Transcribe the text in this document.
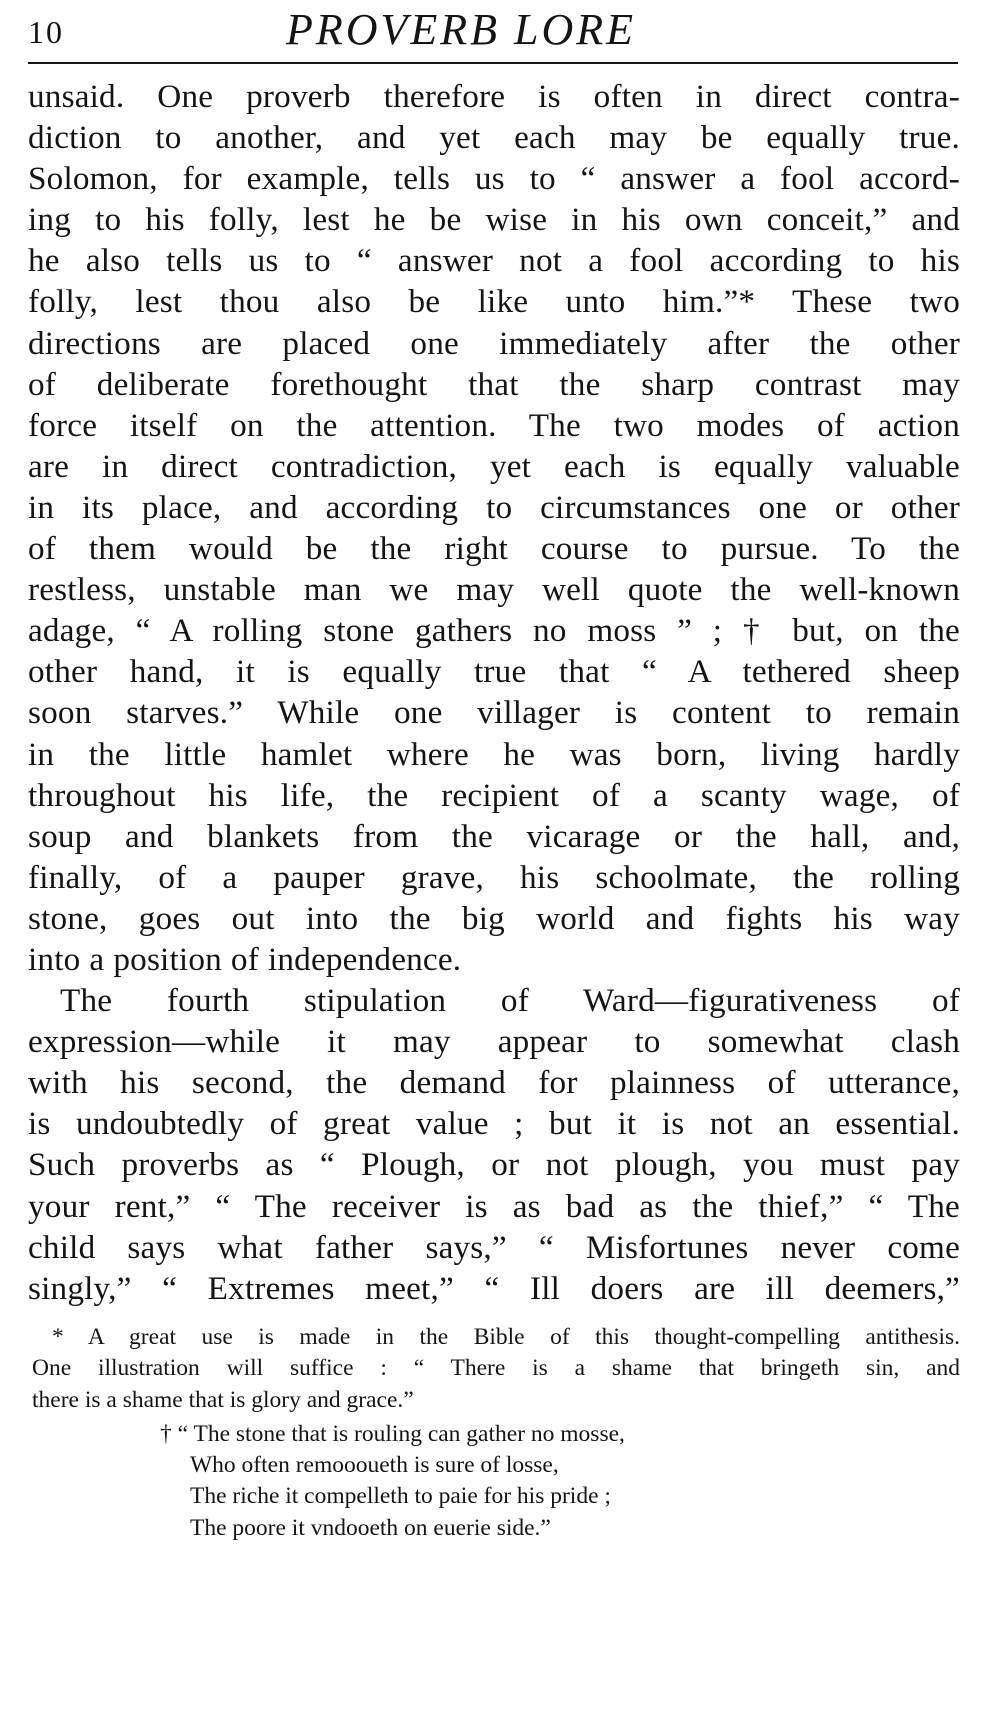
10	PROVERB LORE
unsaid. One proverb therefore is often in direct contra-
diction to another, and yet each may be equally true.
Solomon, for example, tells us to “ answer a fool accord-
ing to his folly, lest he be wise in his own conceit,” and
he also tells us to “ answer not a fool according to his
folly, lest thou also be like unto him.”* These two
directions are placed one immediately after the other
of deliberate forethought that the sharp contrast may
force itself on the attention. The two modes of action
are in direct contradiction, yet each is equally valuable
in its place, and according to circumstances one or other
of them would be the right course to pursue. To the
restless, unstable man we may well quote the well-known
adage, “ A rolling stone gathers no moss ” ; † but, on the
other hand, it is equally true that “ A tethered sheep
soon starves.” While one villager is content to remain
in the little hamlet where he was born, living hardly
throughout his life, the recipient of a scanty wage, of
soup and blankets from the vicarage or the hall, and,
finally, of a pauper grave, his schoolmate, the rolling
stone, goes out into the big world and fights his way
into a position of independence.
The fourth stipulation of Ward—figurativeness of
expression—while it may appear to somewhat clash
with his second, the demand for plainness of utterance,
is undoubtedly of great value ; but it is not an essential.
Such proverbs as “ Plough, or not plough, you must pay
your rent,” “ The receiver is as bad as the thief,” “ The
child says what father says,” “ Misfortunes never come
singly,” “ Extremes meet,” “ Ill doers are ill deemers,”
* A great use is made in the Bible of this thought-compelling antithesis.
One illustration will suffice : “ There is a shame that bringeth sin, and
there is a shame that is glory and grace.”
† “ The stone that is rouling can gather no mosse,
Who often remoooueth is sure of losse,
The riche it compelleth to paie for his pride ;
The poore it vndooeth on euerie side.”
